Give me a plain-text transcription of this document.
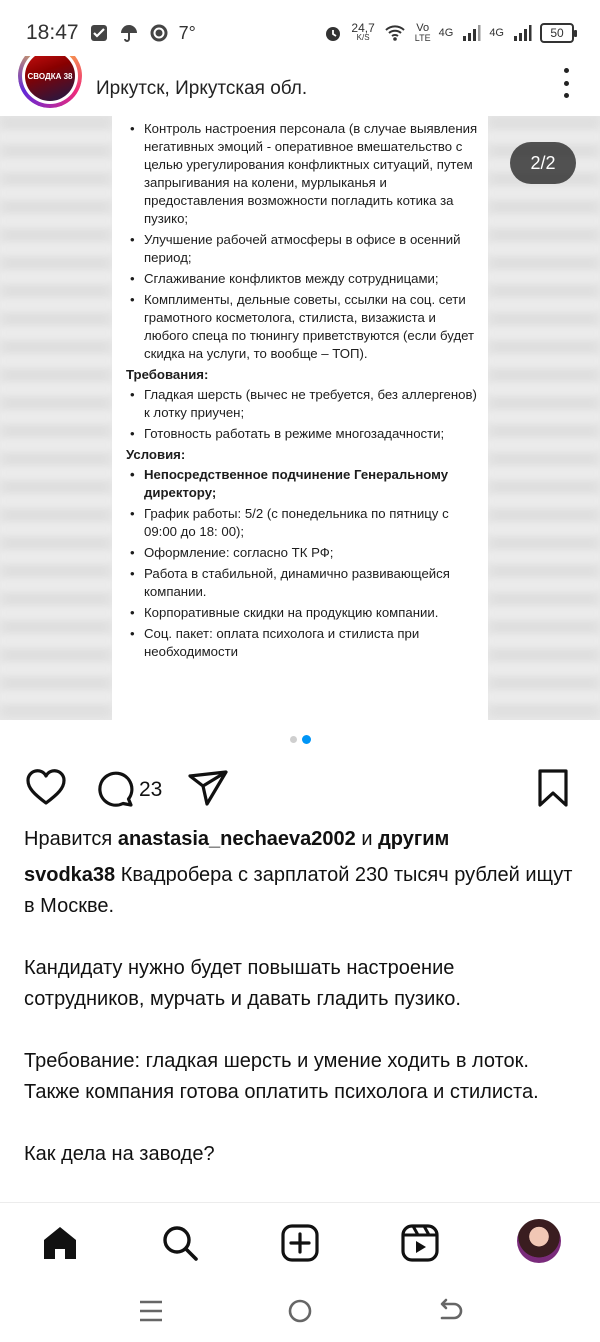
18:47	7°	24,7
K/S
Vo
LTE 4G	4G	50
СВОДКА 38
Иркутск, Иркутская обл.
• Контроль настроения персонала (в случае выявления негативных эмоций - оперативное вмешательство с целью урегулирования конфликтных ситуаций, путем запрыгивания на колени, мурлыканья и предоставления возможности погладить котика за пузико;
• Улучшение рабочей атмосферы в офисе в осенний период;
• Сглаживание конфликтов между сотрудницами;
• Комплименты, дельные советы, ссылки на соц. сети грамотного косметолога, стилиста, визажиста и любого спеца по тюнингу приветствуются (если будет скидка на услуги, то вообще – ТОП).
Требования:
• Гладкая шерсть (вычес не требуется, без аллергенов) к лотку приучен;
• Готовность работать в режиме многозадачности;
Условия:
• Непосредственное подчинение Генеральному директору;
• График работы: 5/2 (с понедельника по пятницу с 09:00 до 18: 00);
• Оформление: согласно ТК РФ;
• Работа в стабильной, динамично развивающейся компании.
• Корпоративные скидки на продукцию компании.
• Соц. пакет: оплата психолога и стилиста при необходимости
2/2
23
Нравится anastasia_nechaeva2002 и другим

svodka38 Квадробера с зарплатой 230 тысяч рублей ищут в Москве.

Кандидату нужно будет повышать настроение сотрудников, мурчать и давать гладить пузико.

Требование: гладкая шерсть и умение ходить в лоток. Также компания готова оплатить психолога и стилиста.

Как дела на заводе?
